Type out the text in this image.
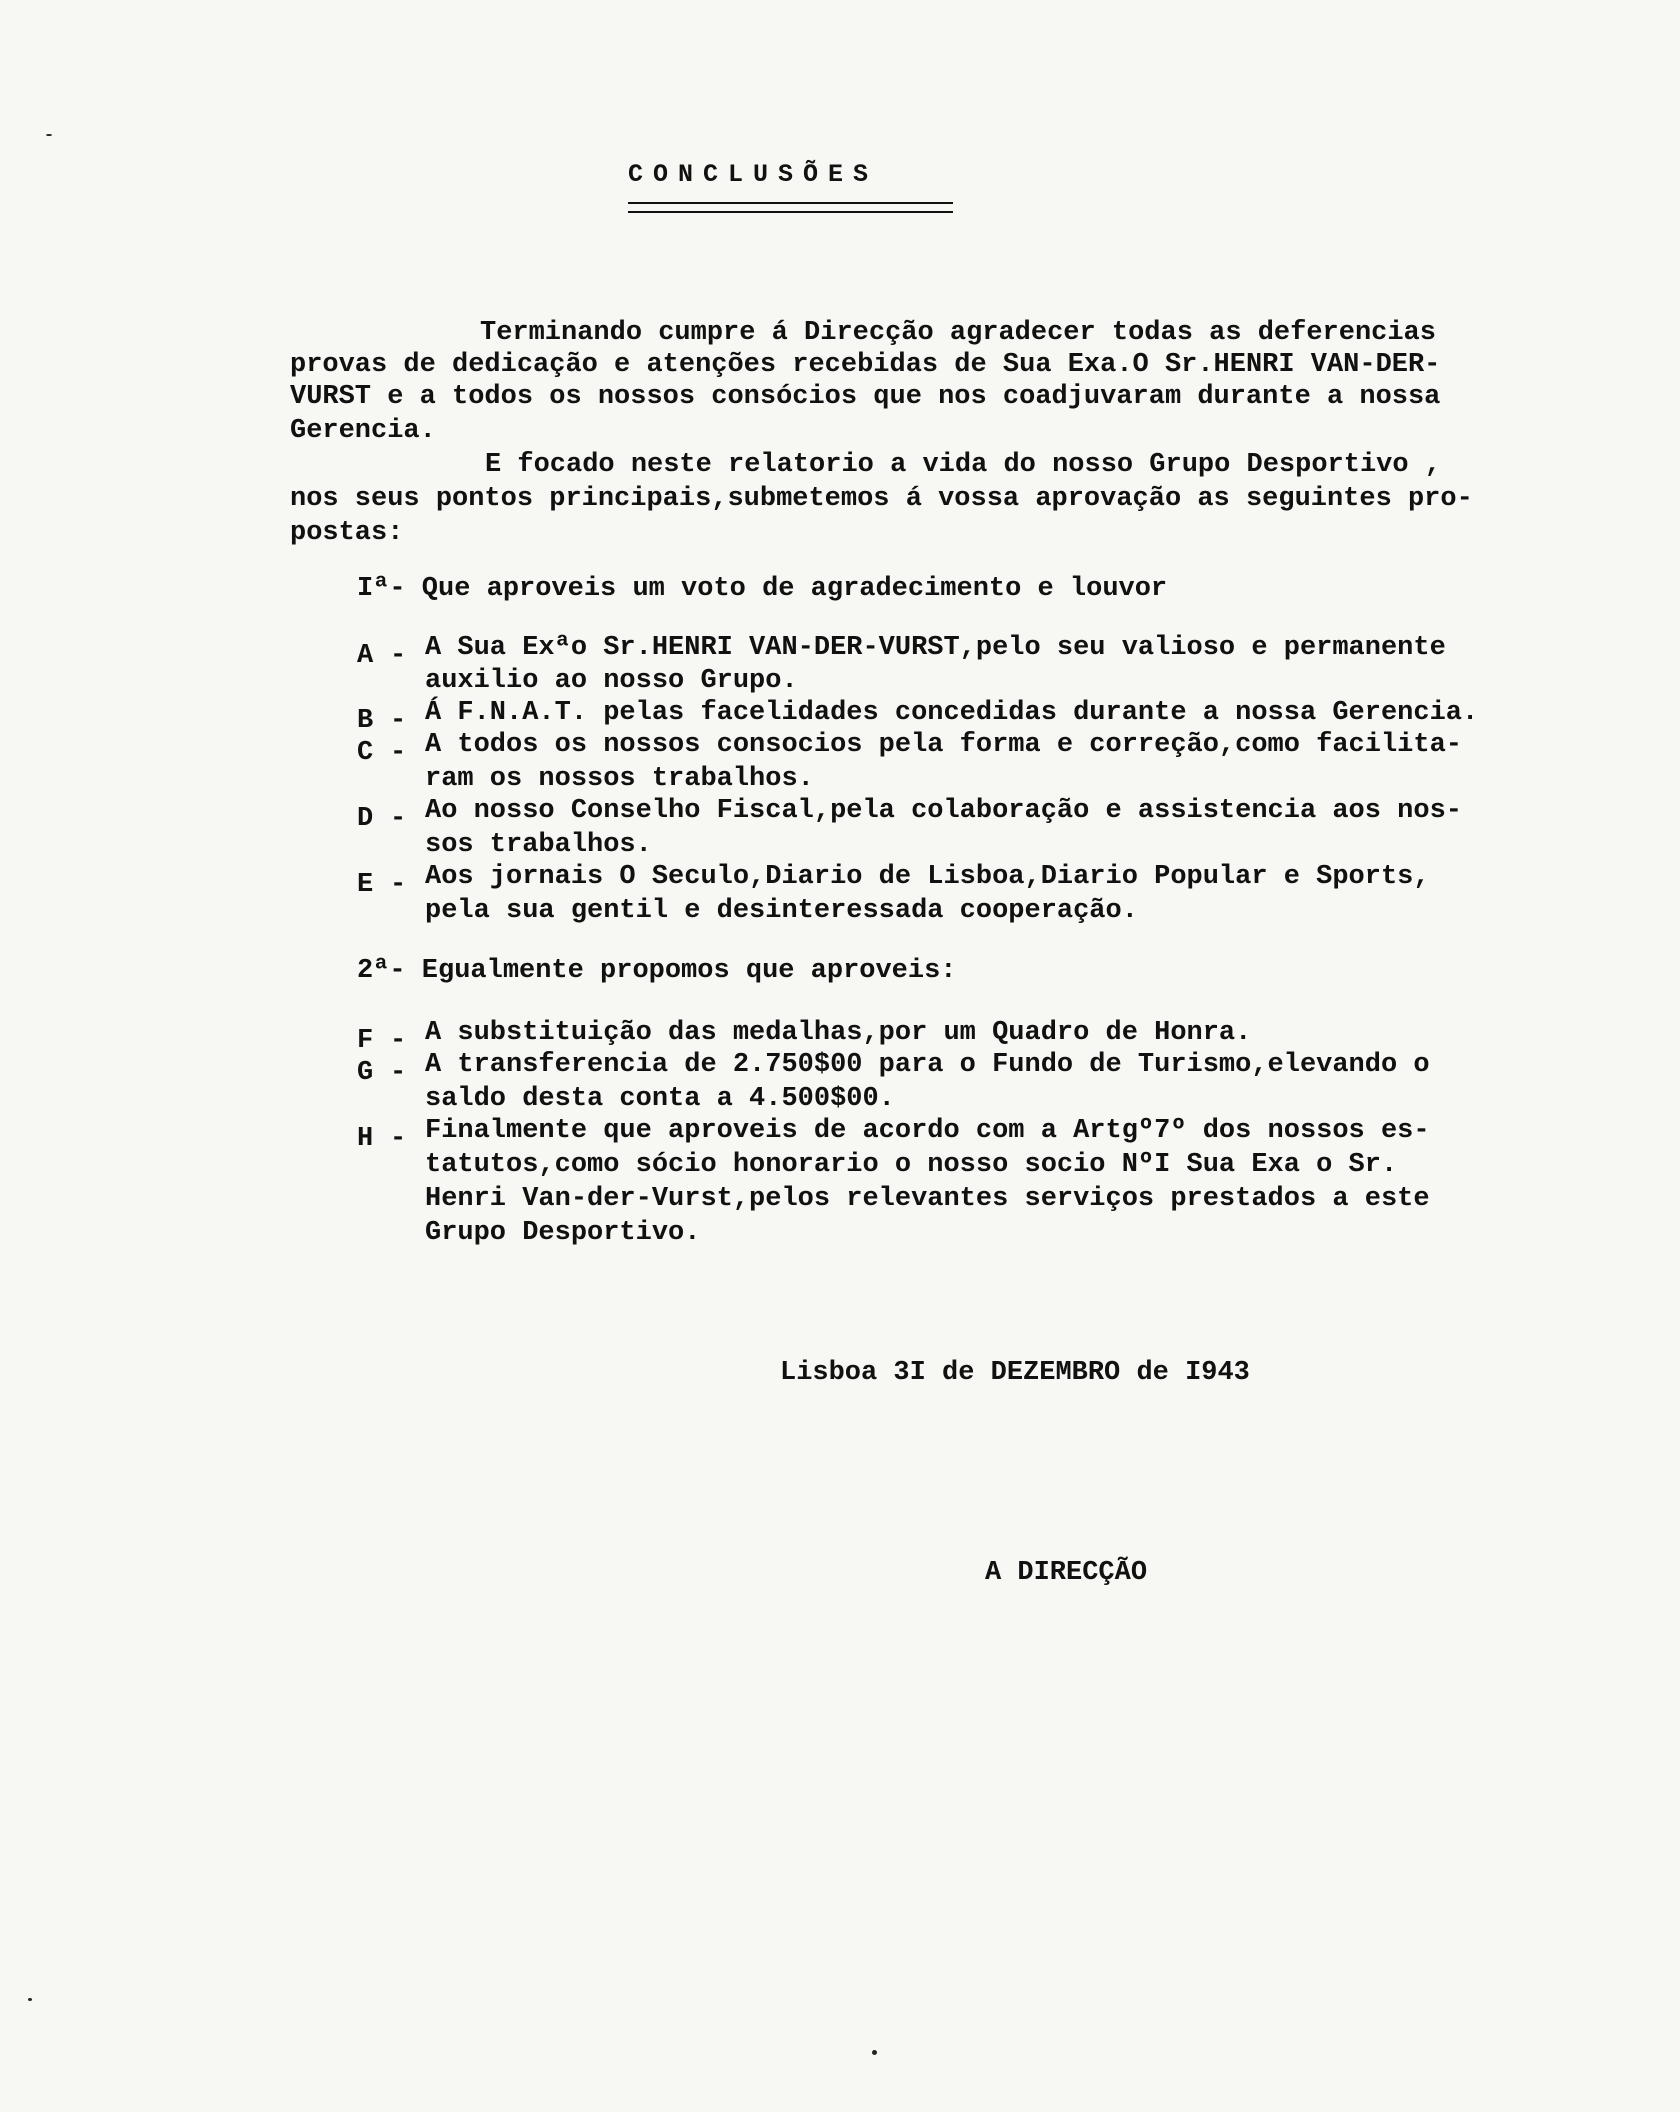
CONCLUSÕES
Terminando cumpre á Direcção agradecer todas as deferencias
provas de dedicação e atenções recebidas de Sua Exa.O Sr.HENRI VAN-DER-
VURST e a todos os nossos consócios que nos coadjuvaram durante a nossa
Gerencia.
E focado neste relatorio a vida do nosso Grupo Desportivo ,
nos seus pontos principais,submetemos á vossa aprovação as seguintes pro-
postas:
Iª- Que aproveis um voto de agradecimento e louvor
A - A Sua Exªo Sr.HENRI VAN-DER-VURST,pelo seu valioso e permanente
auxilio ao nosso Grupo.
B - Á F.N.A.T. pelas facelidades concedidas durante a nossa Gerencia.
C - A todos os nossos consocios pela forma e correção,como facilita-
ram os nossos trabalhos.
D - Ao nosso Conselho Fiscal,pela colaboração e assistencia aos nos-
sos trabalhos.
E - Aos jornais O Seculo,Diario de Lisboa,Diario Popular e Sports,
pela sua gentil e desinteressada cooperação.
2ª- Egualmente propomos que aproveis:
F - A substituição das medalhas,por um Quadro de Honra.
G - A transferencia de 2.750$00 para o Fundo de Turismo,elevando o
saldo desta conta a 4.500$00.
H - Finalmente que aproveis de acordo com a Artgº7º dos nossos es-
tatutos,como sócio honorario o nosso socio NºI Sua Exa o Sr.
Henri Van-der-Vurst,pelos relevantes serviços prestados a este
Grupo Desportivo.
Lisboa 3I de DEZEMBRO de I943
A DIRECÇÃO
